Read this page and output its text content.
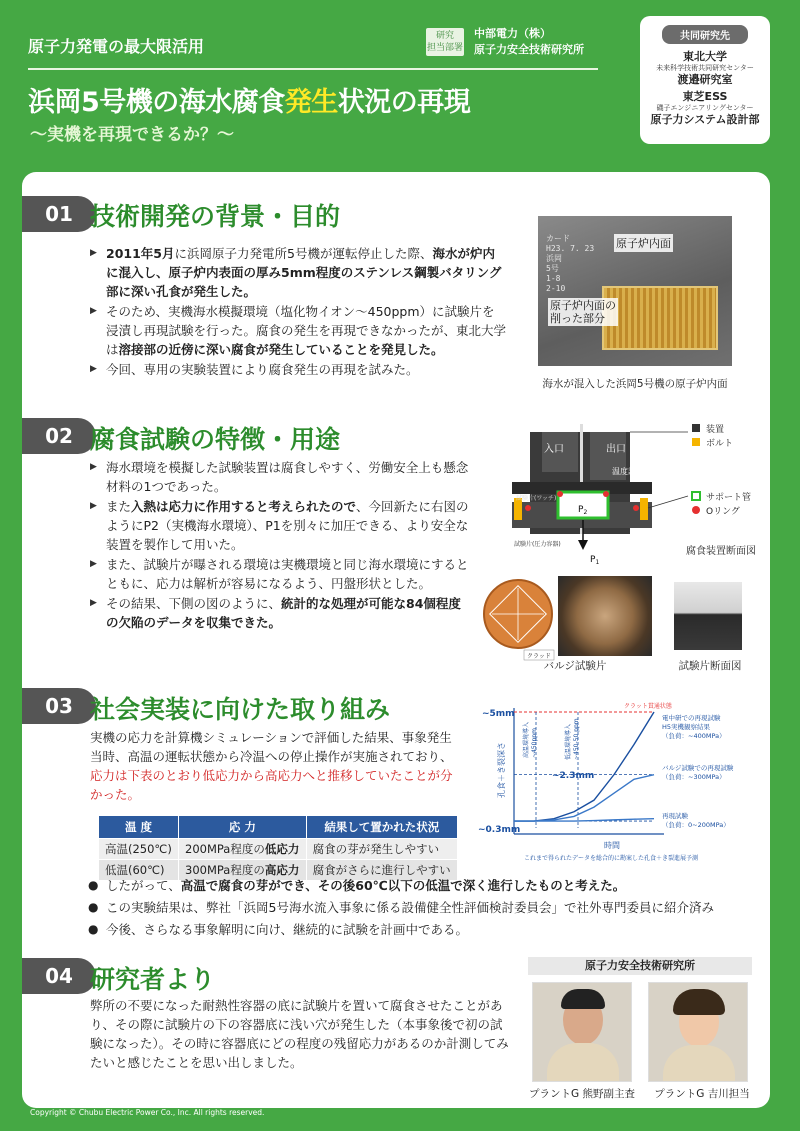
原子力発電の最大限活用
研究
担当部署
中部電力（株）
原子力安全技術研究所
浜岡5号機の海水腐食発生状況の再現
～実機を再現できるか？～
共同研究先
東北大学
未来科学技術共同研究センター
渡邉研究室
東芝ESS
磯子エンジニアリングセンター
原子力システム設計部
01 技術開発の背景・目的
▶ 2011年5月に浜岡原子力発電所5号機が運転停止した際、海水が炉内に混入し、原子炉内表面の厚み5mm程度のステンレス鋼製バタリング部に深い孔食が発生した。
▶ そのため、実機海水模擬環境（塩化物イオン～450ppm）に試験片を浸漬し再現試験を行った。腐食の発生を再現できなかったが、東北大学は溶接部の近傍に深い腐食が発生していることを発見した。
▶ 今回、専用の実験装置により腐食発生の再現を試みた。
カード
H23. 7. 23
浜岡
5号
1‑8
2‑10
原子炉内面
原子炉内面の
削った部分
海水が混入した浜岡5号機の原子炉内面
02 腐食試験の特徴・用途
▶ 海水環境を模擬した試験装置は腐食しやすく、労働安全上も懸念材料の1つであった。
▶ また入熱は応力に作用すると考えられたので、今回新たに右図のようにP2（実機海水環境）、P1を別々に加圧できる、より安全な装置を製作して用いた。
▶ また、試験片が曝される環境は実機環境と同じ海水環境にするとともに、応力は解析が容易になるよう、円盤形状とした。
▶ その結果、下側の図のように、統計的な処理が可能な84個程度の欠陥のデータを収集できた。
入口	出口
温度計
$P_2$
$P_1$
試験片(ワッチ)
試験片(圧力容器)
装置
ボルト
サポート管
Oリング
腐食装置断面図
クラッド
バルジ試験片	試験片断面図
03 社会実装に向けた取り組み
実機の応力を計算機シミュレーションで評価した結果、事象発生当時、高温の運転状態から冷温への停止操作が実施されており、応力は下表のとおり低応力から高応力へと推移していたことが分かった。
温 度	応 力	結果して置かれた状況
高温(250℃)	200MPa程度の低応力	腐食の芽が発生しやすい
低温(60℃)	300MPa程度の高応力	腐食がさらに進行しやすい
~5mm
~2.3mm
~0.3mm
クラット貫通状態
孔食＋き裂深さ
時間
高温環境導入~450ppm	低温環境導入~450-50 ppm
これまで得られたデータを総合的に勘案した孔食＋き裂進展予測
電中研での再現試験 H5実機観察結果（負荷：~400MPa）
バルジ試験での再現試験（負荷：~300MPa）
再現試験（負荷：0~200MPa）
● したがって、高温で腐食の芽ができ、その後60℃以下の低温で深く進行したものと考えた。
● この実験結果は、弊社「浜岡5号海水流入事象に係る設備健全性評価検討委員会」で社外専門委員に紹介済み
● 今後、さらなる事象解明に向け、継続的に試験を計画中である。
04 研究者より
弊所の不要になった耐熱性容器の底に試験片を置いて腐食させたことがあり、その際に試験片の下の容器底に浅い穴が発生した（本事象後で初の試験になった）。その時に容器底にどの程度の残留応力があるのか計測してみたいと感じたことを思い出しました。
原子力安全技術研究所
プラントG 熊野副主査	プラントG 吉川担当
Copyright © Chubu Electric Power Co., Inc. All rights reserved.
